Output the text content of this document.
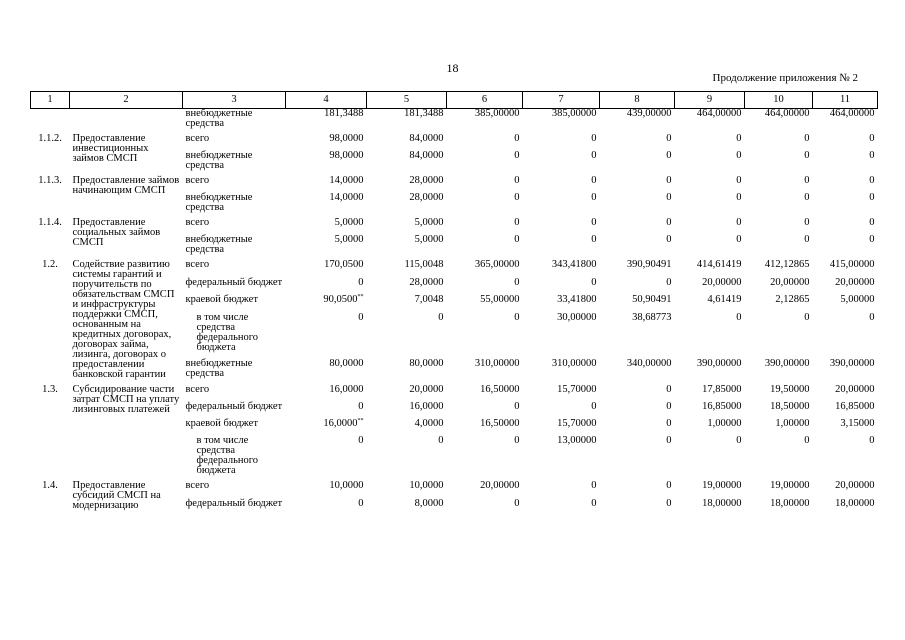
18
Продолжение приложения № 2
1	2	3	4	5	6	7	8	9	10	11
		внебюджетные средства	181,3488	181,3488	385,00000	385,00000	439,00000	464,00000	464,00000	464,00000
1.1.2.	Предоставление инвестиционных займов СМСП	всего	98,0000	84,0000	0	0	0	0	0	0
		внебюджетные средства	98,0000	84,0000	0	0	0	0	0	0
1.1.3.	Предоставление займов начинающим СМСП	всего	14,0000	28,0000	0	0	0	0	0	0
		внебюджетные средства	14,0000	28,0000	0	0	0	0	0	0
1.1.4.	Предоставление социальных займов СМСП	всего	5,0000	5,0000	0	0	0	0	0	0
		внебюджетные средства	5,0000	5,0000	0	0	0	0	0	0
1.2.	Содействие развитию системы гарантий и поручительств по обязательствам СМСП и инфраструктуры поддержки СМСП, основанным на кредитных договорах, договорах займа, лизинга, договорах о предоставлении банковской гарантии	всего	170,0500	115,0048	365,00000	343,41800	390,90491	414,61419	412,12865	415,00000
		федеральный бюджет	0	28,0000	0	0	0	20,00000	20,00000	20,00000
		краевой бюджет	90,0500**	7,0048	55,00000	33,41800	50,90491	4,61419	2,12865	5,00000
		в том числе средства федерального бюджета	0	0	0	30,00000	38,68773	0	0	0
		внебюджетные средства	80,0000	80,0000	310,00000	310,00000	340,00000	390,00000	390,00000	390,00000
1.3.	Субсидирование части затрат СМСП на уплату лизинговых платежей	всего	16,0000	20,0000	16,50000	15,70000	0	17,85000	19,50000	20,00000
		федеральный бюджет	0	16,0000	0	0	0	16,85000	18,50000	16,85000
		краевой бюджет	16,0000**	4,0000	16,50000	15,70000	0	1,00000	1,00000	3,15000
		в том числе средства федерального бюджета	0	0	0	13,00000	0	0	0	0
1.4.	Предоставление субсидий СМСП на модернизацию	всего	10,0000	10,0000	20,00000	0	0	19,00000	19,00000	20,00000
		федеральный бюджет	0	8,0000	0	0	0	18,00000	18,00000	18,00000
